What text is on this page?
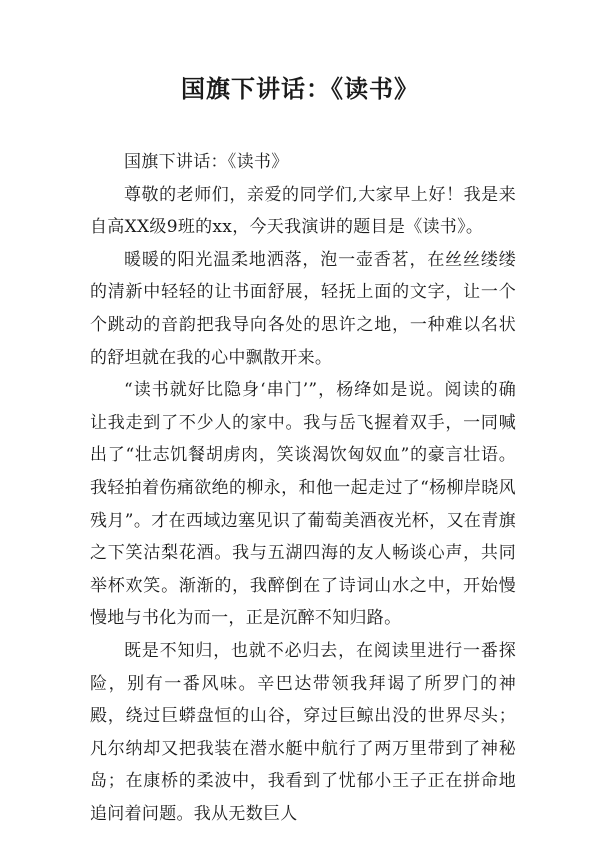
国旗下讲话：《读书》

国旗下讲话：《读书》

尊敬的老师们，亲爱的同学们,大家早上好！我是来自高XX级9班的xx，今天我演讲的题目是《读书》。

暖暖的阳光温柔地洒落，泡一壶香茗，在丝丝缕缕的清新中轻轻的让书面舒展，轻抚上面的文字，让一个个跳动的音韵把我导向各处的思许之地，一种难以名状的舒坦就在我的心中飘散开来。

“读书就好比隐身‘串门’”，杨绛如是说。阅读的确让我走到了不少人的家中。我与岳飞握着双手，一同喊出了“壮志饥餐胡虏肉，笑谈渴饮匈奴血”的豪言壮语。我轻拍着伤痛欲绝的柳永，和他一起走过了“杨柳岸晓风残月”。才在西域边塞见识了葡萄美酒夜光杯，又在青旗之下笑沽梨花酒。我与五湖四海的友人畅谈心声，共同举杯欢笑。渐渐的，我醉倒在了诗词山水之中，开始慢慢地与书化为而一，正是沉醉不知归路。

既是不知归，也就不必归去，在阅读里进行一番探险，别有一番风味。辛巴达带领我拜谒了所罗门的神殿，绕过巨蟒盘恒的山谷，穿过巨鲸出没的世界尽头；凡尔纳却又把我装在潜水艇中航行了两万里带到了神秘岛；在康桥的柔波中，我看到了忧郁小王子正在拼命地追问着问题。我从无数巨人
